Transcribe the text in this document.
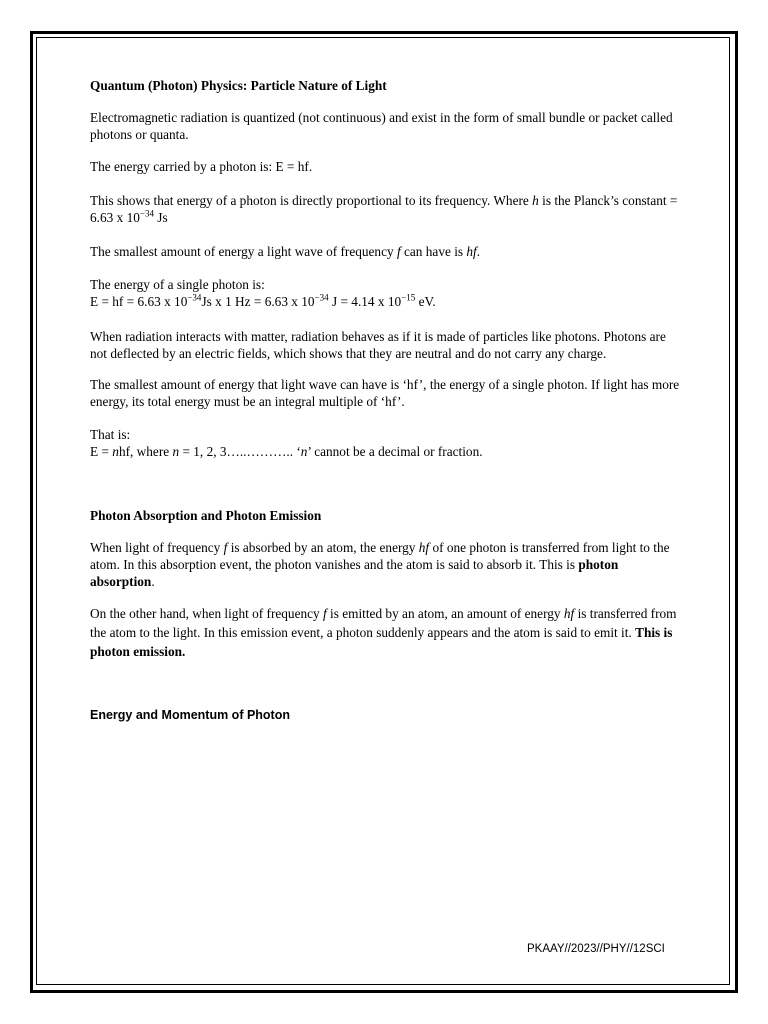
Quantum (Photon) Physics: Particle Nature of Light

Electromagnetic radiation is quantized (not continuous) and exist in the form of small bundle or packet called photons or quanta.

The energy carried by a photon is: E = hf.

This shows that energy of a photon is directly proportional to its frequency. Where h is the Planck’s constant = 6.63 x $10^{-34}$ Js

The smallest amount of energy a light wave of frequency f can have is hf.

The energy of a single photon is:
E = hf = 6.63 x $10^{-34}Js$ x 1 Hz = 6.63 x $10^{-34}$ J = 4.14 x $10^{-15}$ eV.

When radiation interacts with matter, radiation behaves as if it is made of particles like photons. Photons are not deflected by an electric fields, which shows that they are neutral and do not carry any charge.

The smallest amount of energy that light wave can have is ‘hf’, the energy of a single photon. If light has more energy, its total energy must be an integral multiple of ‘hf’.

That is:
E = nhf, where n = 1, 2, 3…..……….. ‘n’ cannot be a decimal or fraction.

Photon Absorption and Photon Emission

When light of frequency f is absorbed by an atom, the energy hf of one photon is transferred from light to the atom. In this absorption event, the photon vanishes and the atom is said to absorb it. This is photon absorption.

On the other hand, when light of frequency f is emitted by an atom, an amount of energy hf is transferred from the atom to the light. In this emission event, a photon suddenly appears and the atom is said to emit it. This is photon emission.

Energy and Momentum of Photon

PKAAY//2023//PHY//12SCI
